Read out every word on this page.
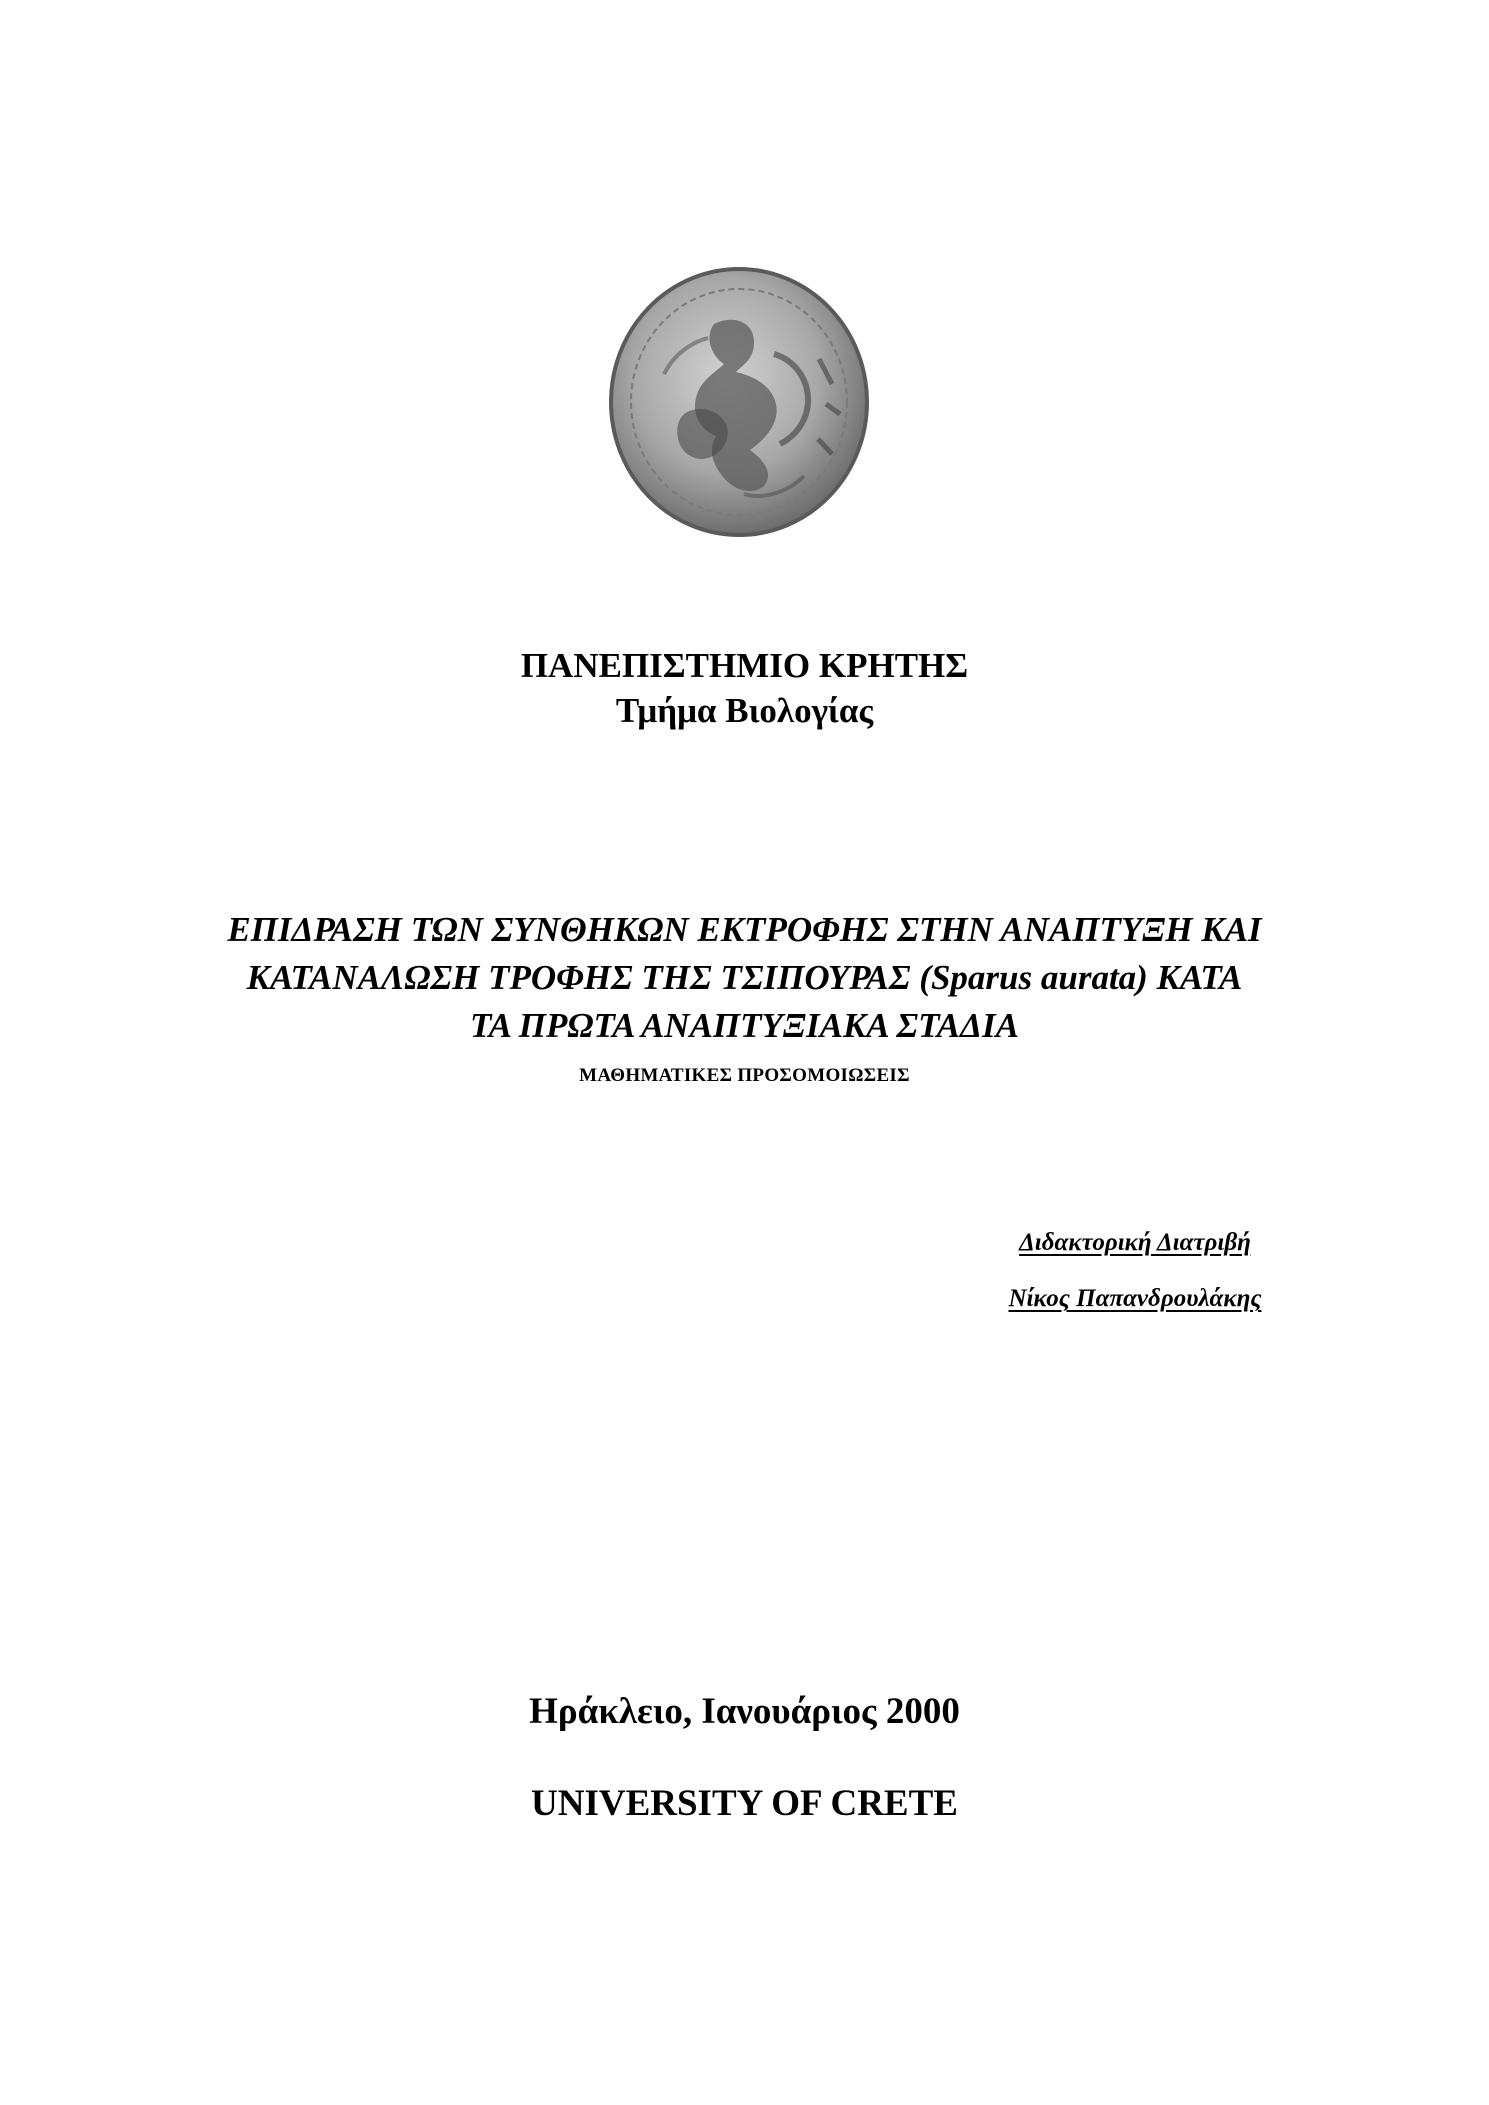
ΠΑΝΕΠΙΣΤΗΜΙΟ ΚΡΗΤΗΣ
Τμήμα Βιολογίας
ΕΠΙΔΡΑΣΗ ΤΩΝ ΣΥΝΘΗΚΩΝ ΕΚΤΡΟΦΗΣ ΣΤΗΝ ΑΝΑΠΤΥΞΗ ΚΑΙ
ΚΑΤΑΝΑΛΩΣΗ ΤΡΟΦΗΣ ΤΗΣ ΤΣΙΠΟΥΡΑΣ (Sparus aurata) ΚΑΤΑ
ΤΑ ΠΡΩΤΑ ΑΝΑΠΤΥΞΙΑΚΑ ΣΤΑΔΙΑ
ΜΑΘΗΜΑΤΙΚΕΣ ΠΡΟΣΟΜΟΙΩΣΕΙΣ
Διδακτορική Διατριβή
Νίκος Παπανδρουλάκης
Ηράκλειο, Ιανουάριος 2000
UNIVERSITY OF CRETE
